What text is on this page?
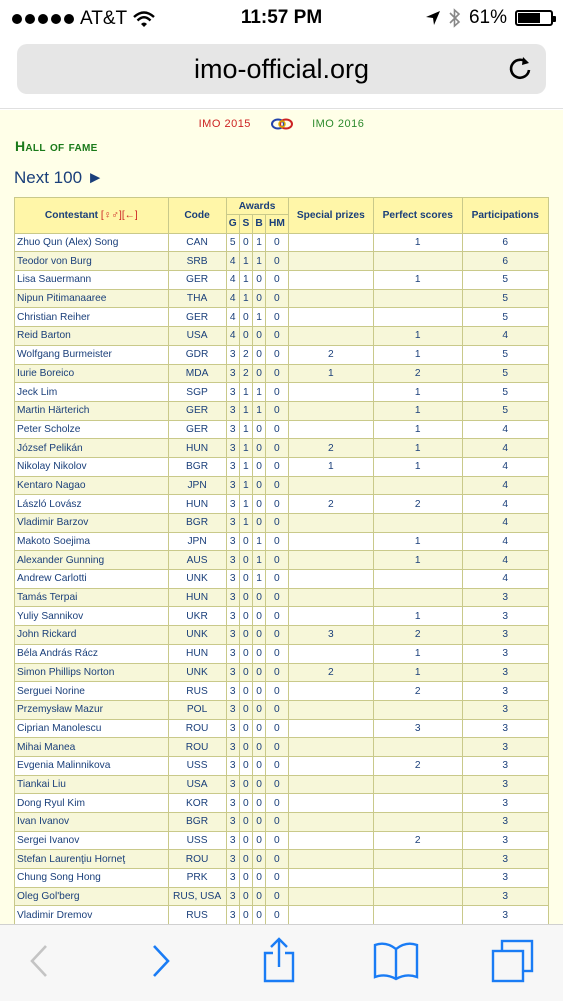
AT&T	11:57 PM	61%
imo-official.org
IMO 2015	IMO 2016
Hall of fame
Next 100 ►
Contestant [♀♂][←]	Code	Awards				Special prizes	Perfect scores	Participations
		G	S	B	HM			
Zhuo Qun (Alex) Song	CAN	5	0	1	0		1	6
Teodor von Burg	SRB	4	1	1	0			6
Lisa Sauermann	GER	4	1	0	0		1	5
Nipun Pitimanaaree	THA	4	1	0	0			5
Christian Reiher	GER	4	0	1	0			5
Reid Barton	USA	4	0	0	0		1	4
Wolfgang Burmeister	GDR	3	2	0	0	2	1	5
Iurie Boreico	MDA	3	2	0	0	1	2	5
Jeck Lim	SGP	3	1	1	0		1	5
Martin Härterich	GER	3	1	1	0		1	5
Peter Scholze	GER	3	1	0	0		1	4
József Pelikán	HUN	3	1	0	0	2	1	4
Nikolay Nikolov	BGR	3	1	0	0	1	1	4
Kentaro Nagao	JPN	3	1	0	0			4
László Lovász	HUN	3	1	0	0	2	2	4
Vladimir Barzov	BGR	3	1	0	0			4
Makoto Soejima	JPN	3	0	1	0		1	4
Alexander Gunning	AUS	3	0	1	0		1	4
Andrew Carlotti	UNK	3	0	1	0			4
Tamás Terpai	HUN	3	0	0	0			3
Yuliy Sannikov	UKR	3	0	0	0		1	3
John Rickard	UNK	3	0	0	0	3	2	3
Béla András Rácz	HUN	3	0	0	0		1	3
Simon Phillips Norton	UNK	3	0	0	0	2	1	3
Serguei Norine	RUS	3	0	0	0		2	3
Przemysław Mazur	POL	3	0	0	0			3
Ciprian Manolescu	ROU	3	0	0	0		3	3
Mihai Manea	ROU	3	0	0	0			3
Evgenia Malinnikova	USS	3	0	0	0		2	3
Tiankai Liu	USA	3	0	0	0			3
Dong Ryul Kim	KOR	3	0	0	0			3
Ivan Ivanov	BGR	3	0	0	0			3
Sergei Ivanov	USS	3	0	0	0		2	3
Stefan Laurenţiu Horneţ	ROU	3	0	0	0			3
Chung Song Hong	PRK	3	0	0	0			3
Oleg Gol'berg	RUS, USA	3	0	0	0			3
Vladimir Dremov	RUS	3	0	0	0			3
